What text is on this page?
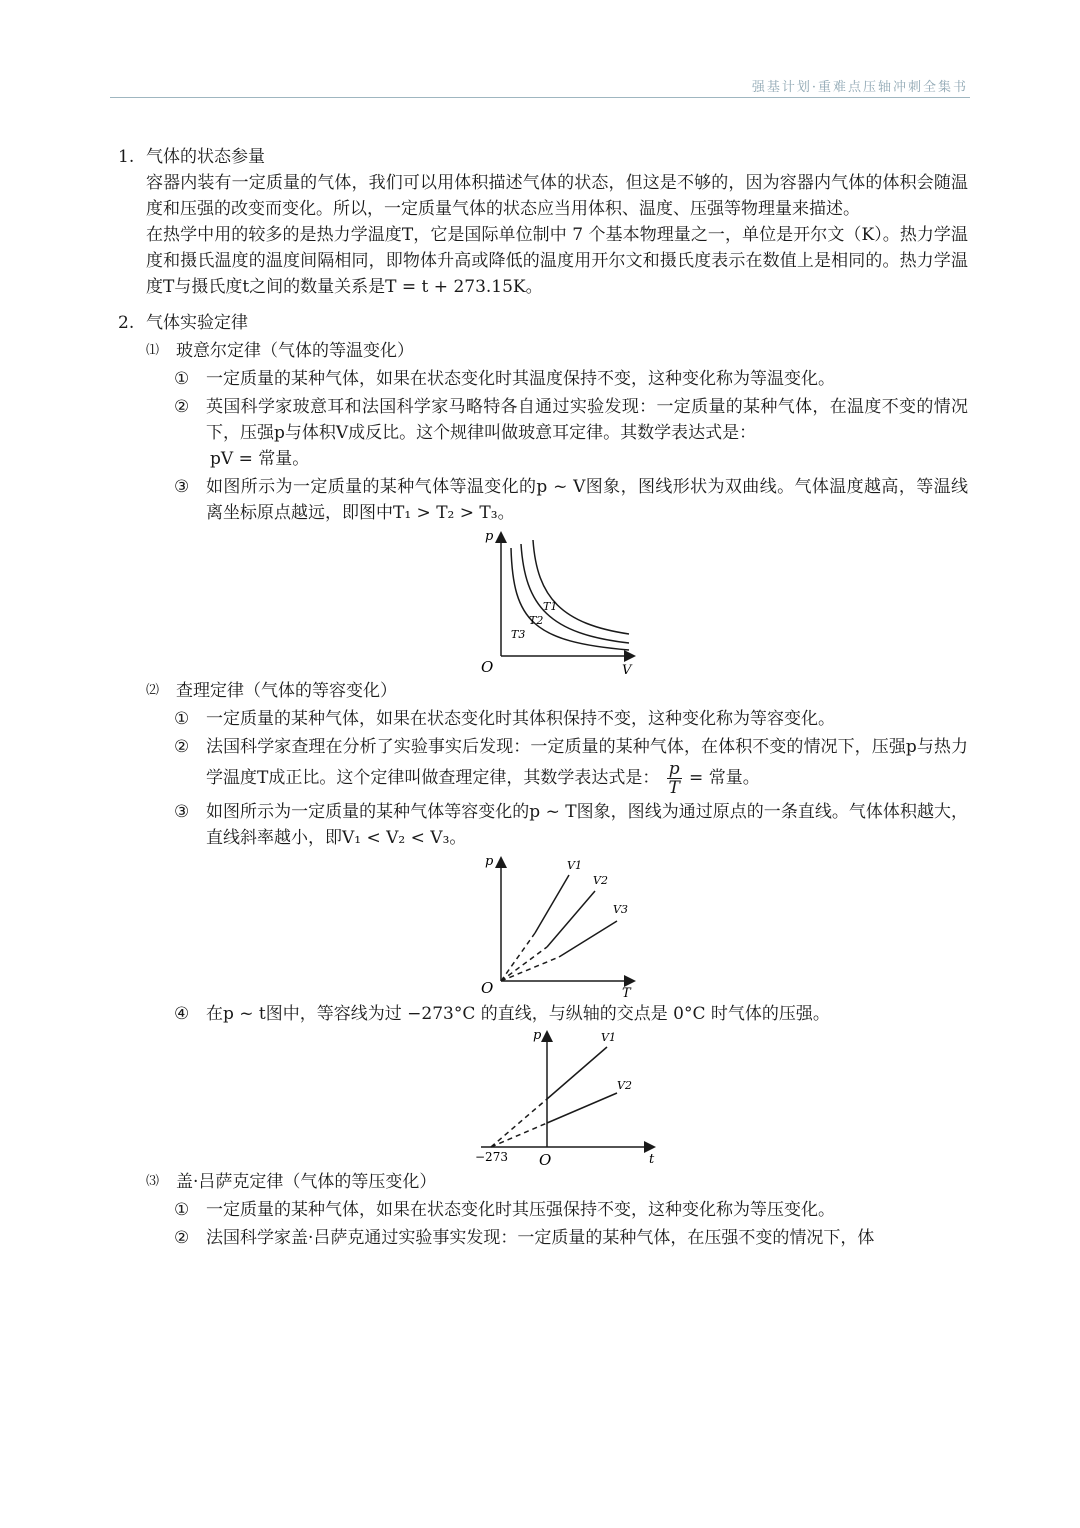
强基计划·重难点压轴冲刺全集书
1. 气体的状态参量
容器内装有一定质量的气体，我们可以用体积描述气体的状态，但这是不够的，因为容器内气体的体积会随温度和压强的改变而变化。所以，一定质量气体的状态应当用体积、温度、压强等物理量来描述。
在热学中用的较多的是热力学温度T，它是国际单位制中 7 个基本物理量之一，单位是开尔文（K）。热力学温度和摄氏温度的温度间隔相同，即物体升高或降低的温度用开尔文和摄氏度表示在数值上是相同的。热力学温度T与摄氏度t之间的数量关系是T = t + 273.15K。
2. 气体实验定律
⑴ 玻意尔定律（气体的等温变化）
① 一定质量的某种气体，如果在状态变化时其温度保持不变，这种变化称为等温变化。
② 英国科学家玻意耳和法国科学家马略特各自通过实验发现：一定质量的某种气体，在温度不变的情况下，压强p与体积V成反比。这个规律叫做玻意耳定律。其数学表达式是：
pV = 常量。
③ 如图所示为一定质量的某种气体等温变化的p ~ V图象，图线形状为双曲线。气体温度越高，等温线离坐标原点越远，即图中T₁ > T₂ > T₃。
p
V
O
T1
T2
T3
⑵ 查理定律（气体的等容变化）
① 一定质量的某种气体，如果在状态变化时其体积保持不变，这种变化称为等容变化。
② 法国科学家查理在分析了实验事实后发现：一定质量的某种气体，在体积不变的情况下，压强p与热力学温度T成正比。这个定律叫做查理定律，其数学表达式是： $\frac{p}{T}$ = 常量。
③ 如图所示为一定质量的某种气体等容变化的p ~ T图象，图线为通过原点的一条直线。气体体积越大，直线斜率越小，即V₁ < V₂ < V₃。
p
T
O
V1
V2
V3
④ 在p ~ t图中，等容线为过 −273°C 的直线，与纵轴的交点是 0°C 时气体的压强。
p
t
O
−273
V1
V2
⑶ 盖·吕萨克定律（气体的等压变化）
① 一定质量的某种气体，如果在状态变化时其压强保持不变，这种变化称为等压变化。
② 法国科学家盖·吕萨克通过实验事实发现：一定质量的某种气体，在压强不变的情况下，体
